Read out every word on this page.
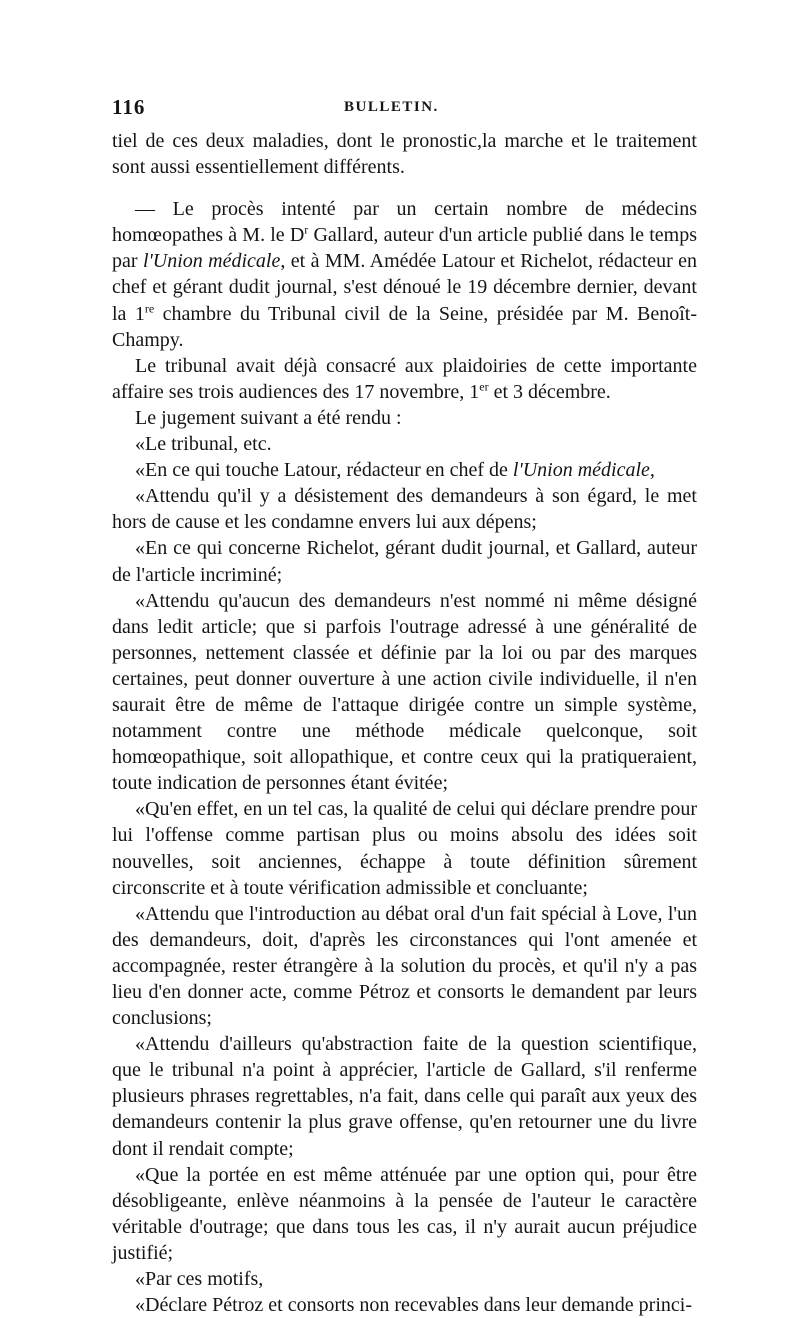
116	BULLETIN.

tiel de ces deux maladies, dont le pronostic,la marche et le traitement sont aussi essentiellement différents.

— Le procès intenté par un certain nombre de médecins homœopathes à M. le $D^r$ Gallard, auteur d'un article publié dans le temps par l'Union médicale, et à MM. Amédée Latour et Richelot, rédacteur en chef et gérant dudit journal, s'est dénoué le 19 décembre dernier, devant la 1re chambre du Tribunal civil de la Seine, présidée par M. Benoît-Champy.

Le tribunal avait déjà consacré aux plaidoiries de cette importante affaire ses trois audiences des 17 novembre, 1er et 3 décembre.

Le jugement suivant a été rendu :

«Le tribunal, etc.

«En ce qui touche Latour, rédacteur en chef de l'Union médicale,

«Attendu qu'il y a désistement des demandeurs à son égard, le met hors de cause et les condamne envers lui aux dépens;

«En ce qui concerne Richelot, gérant dudit journal, et Gallard, auteur de l'article incriminé;

«Attendu qu'aucun des demandeurs n'est nommé ni même désigné dans ledit article; que si parfois l'outrage adressé à une généralité de personnes, nettement classée et définie par la loi ou par des marques certaines, peut donner ouverture à une action civile individuelle, il n'en saurait être de même de l'attaque dirigée contre un simple système, notamment contre une méthode médicale quelconque, soit homœopathique, soit allopathique, et contre ceux qui la pratiqueraient, toute indication de personnes étant évitée;

«Qu'en effet, en un tel cas, la qualité de celui qui déclare prendre pour lui l'offense comme partisan plus ou moins absolu des idées soit nouvelles, soit anciennes, échappe à toute définition sûrement circonscrite et à toute vérification admissible et concluante;

«Attendu que l'introduction au débat oral d'un fait spécial à Love, l'un des demandeurs, doit, d'après les circonstances qui l'ont amenée et accompagnée, rester étrangère à la solution du procès, et qu'il n'y a pas lieu d'en donner acte, comme Pétroz et consorts le demandent par leurs conclusions;

«Attendu d'ailleurs qu'abstraction faite de la question scientifique, que le tribunal n'a point à apprécier, l'article de Gallard, s'il renferme plusieurs phrases regrettables, n'a fait, dans celle qui paraît aux yeux des demandeurs contenir la plus grave offense, qu'en retourner une du livre dont il rendait compte;

«Que la portée en est même atténuée par une option qui, pour être désobligeante, enlève néanmoins à la pensée de l'auteur le caractère véritable d'outrage; que dans tous les cas, il n'y aurait aucun préjudice justifié;

«Par ces motifs,

«Déclare Pétroz et consorts non recevables dans leur demande princi-
